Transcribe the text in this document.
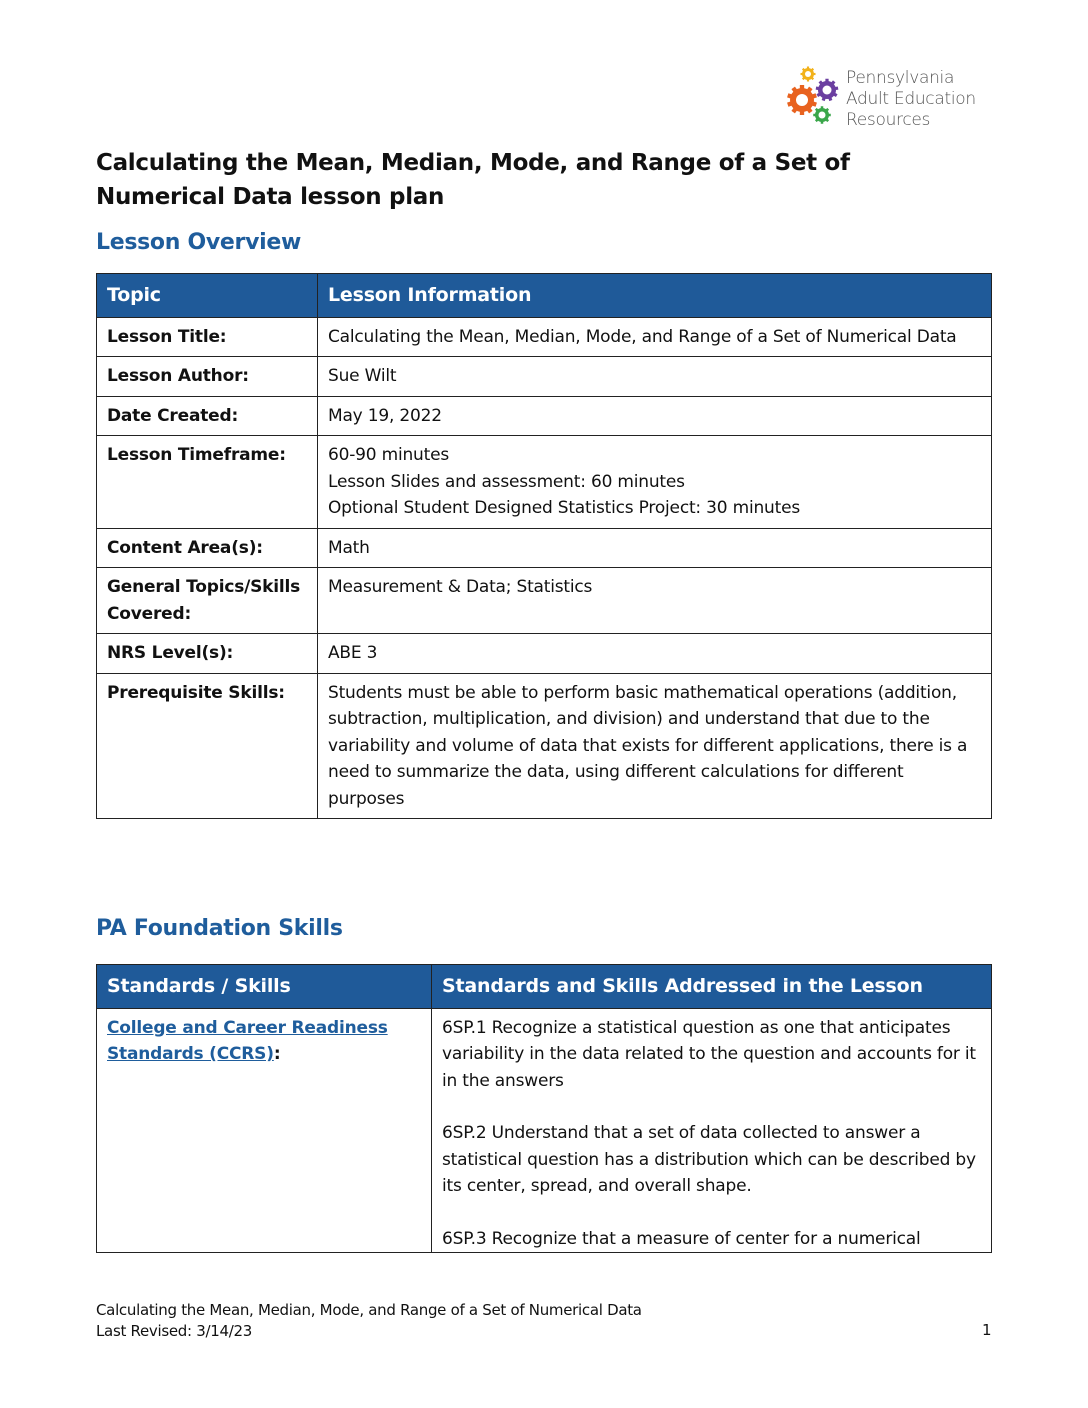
Pennsylvania
Adult Education
Resources
Calculating the Mean, Median, Mode, and Range of a Set of Numerical Data lesson plan
Lesson Overview
Topic	Lesson Information
Lesson Title:	Calculating the Mean, Median, Mode, and Range of a Set of Numerical Data

Lesson Author:	Sue Wilt

Date Created:	May 19, 2022

Lesson Timeframe:	60-90 minutes
Lesson Slides and assessment: 60 minutes
Optional Student Designed Statistics Project: 30 minutes

Content Area(s):	Math

General Topics/Skills Covered:	Measurement & Data; Statistics

NRS Level(s):	ABE 3

Prerequisite Skills:	Students must be able to perform basic mathematical operations (addition, subtraction, multiplication, and division) and understand that due to the variability and volume of data that exists for different applications, there is a need to summarize the data, using different calculations for different purposes
PA Foundation Skills
Standards / Skills	Standards and Skills Addressed in the Lesson
College and Career Readiness Standards (CCRS):	6SP.1 Recognize a statistical question as one that anticipates variability in the data related to the question and accounts for it in the answers
6SP.2 Understand that a set of data collected to answer a statistical question has a distribution which can be described by its center, spread, and overall shape.
6SP.3 Recognize that a measure of center for a numerical
Calculating the Mean, Median, Mode, and Range of a Set of Numerical Data
Last Revised: 3/14/23	1
